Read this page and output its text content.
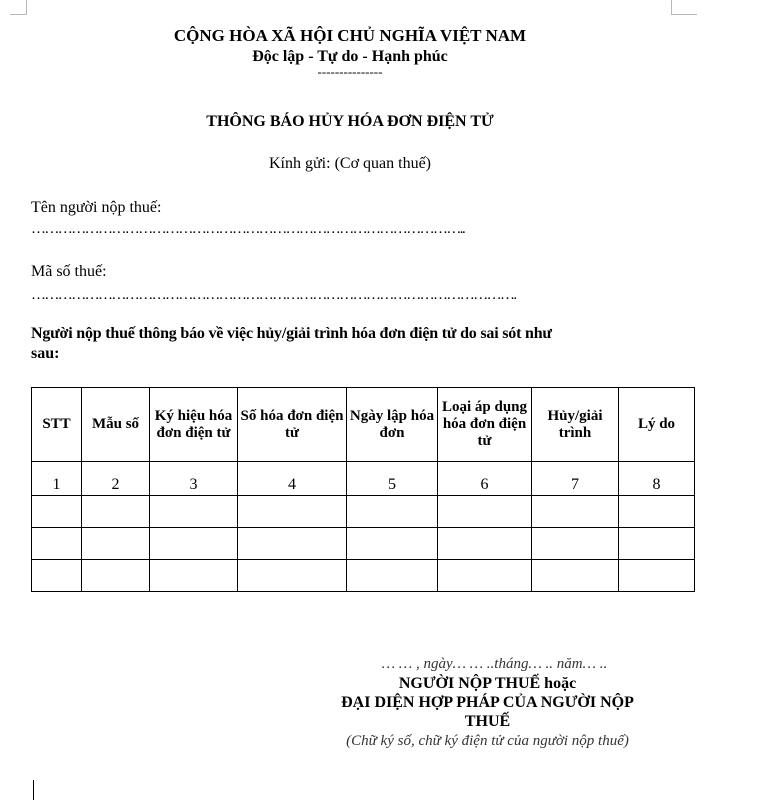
CỘNG HÒA XÃ HỘI CHỦ NGHĨA VIỆT NAM
Độc lập - Tự do - Hạnh phúc
---------------
THÔNG BÁO HỦY HÓA ĐƠN ĐIỆN TỬ
Kính gửi: (Cơ quan thuế)
Tên người nộp thuế:
……………………………………………………………………………………..
Mã số thuế:
……………………………………………………………………………………………….
Người nộp thuế thông báo về việc hủy/giải trình hóa đơn điện tử do sai sót như
sau:
STT	Mẫu số	Ký hiệu hóa đơn điện tử	Số hóa đơn điện tử	Ngày lập hóa đơn	Loại áp dụng hóa đơn điện tử	Hủy/giải trình	Lý do
1	2	3	4	5	6	7	8

… … , ngày… … ..tháng… .. năm… ..
NGƯỜI NỘP THUẾ hoặc
ĐẠI DIỆN HỢP PHÁP CỦA NGƯỜI NỘP
THUẾ
(Chữ ký số, chữ ký điện tử của người nộp thuế)
